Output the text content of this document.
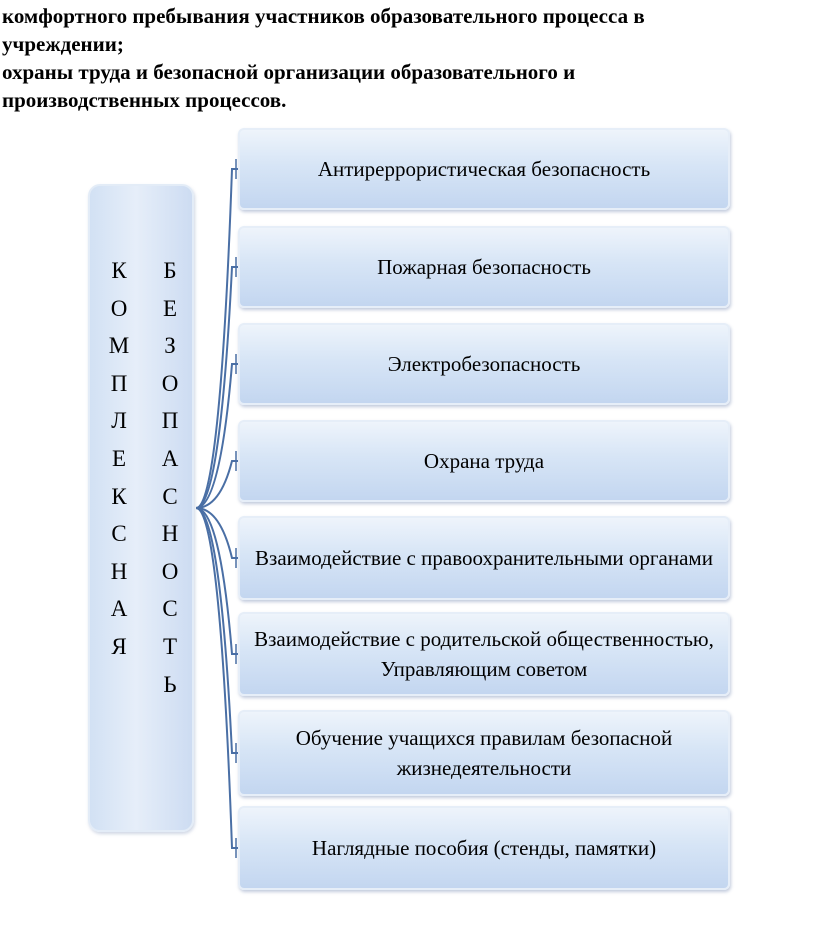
комфортного пребывания участников образовательного процесса в
учреждении;
охраны труда и безопасной организации образовательного и
производственных процессов.
К
О
М
П
Л
Е
К
С
Н
А
Я
Б
Е
З
О
П
А
С
Н
О
С
Т
Ь
Антиреррористическая безопасность
Пожарная безопасность
Электробезопасность
Охрана труда
Взаимодействие с правоохранительными органами
Взаимодействие с родительской общественностью,
Управляющим советом
Обучение учащихся правилам безопасной
жизнедеятельности
Наглядные пособия (стенды, памятки)
